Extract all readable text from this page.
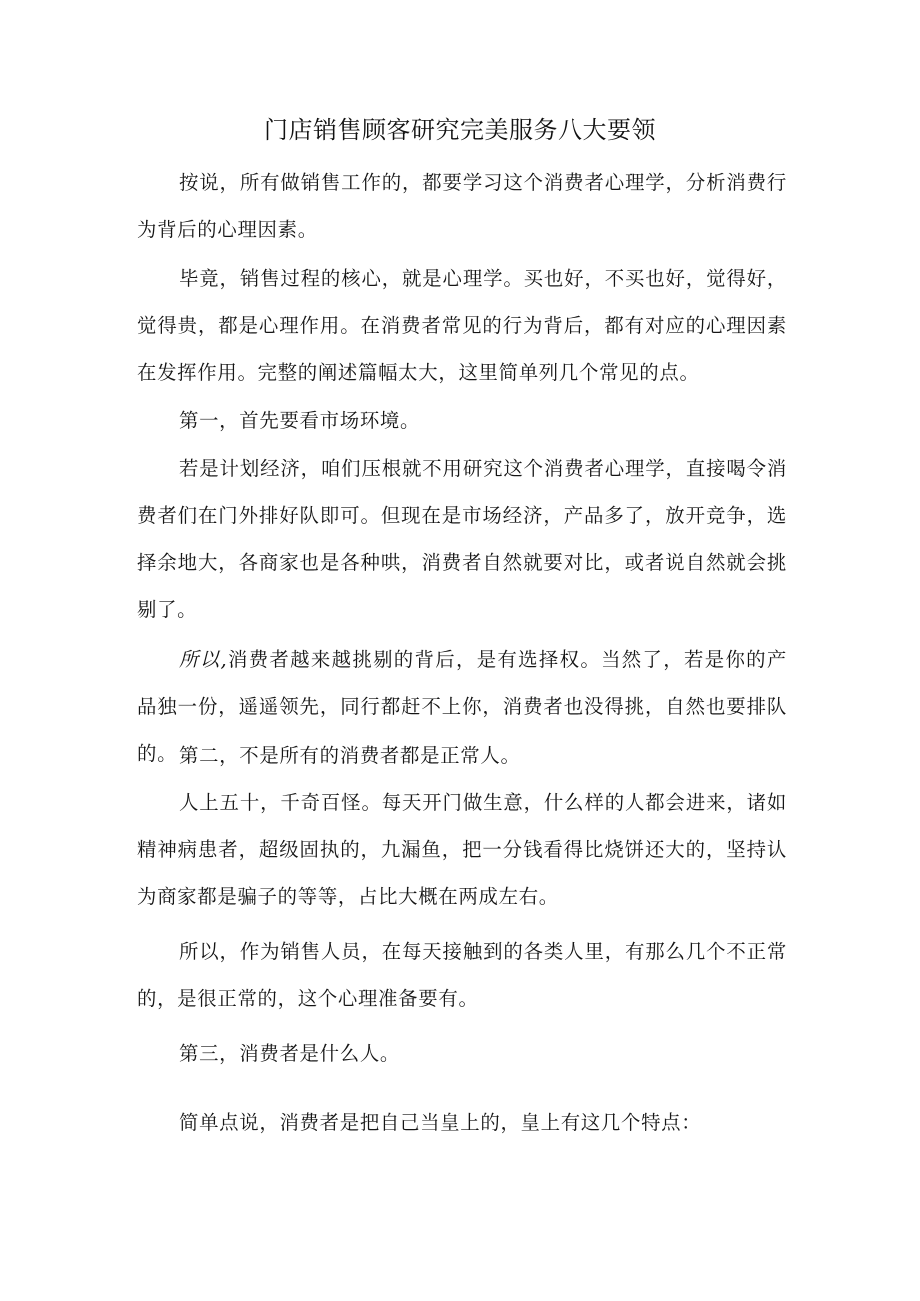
门店销售顾客研究完美服务八大要领

按说，所有做销售工作的，都要学习这个消费者心理学，分析消费行为背后的心理因素。

毕竟，销售过程的核心，就是心理学。买也好，不买也好，觉得好，觉得贵，都是心理作用。在消费者常见的行为背后，都有对应的心理因素在发挥作用。完整的阐述篇幅太大，这里简单列几个常见的点。

第一，首先要看市场环境。

若是计划经济，咱们压根就不用研究这个消费者心理学，直接喝令消费者们在门外排好队即可。但现在是市场经济，产品多了，放开竞争，选择余地大，各商家也是各种哄，消费者自然就要对比，或者说自然就会挑剔了。

所以,消费者越来越挑剔的背后，是有选择权。当然了，若是你的产品独一份，遥遥领先，同行都赶不上你，消费者也没得挑，自然也要排队的。 第二，不是所有的消费者都是正常人。

人上五十，千奇百怪。每天开门做生意，什么样的人都会进来，诸如精神病患者，超级固执的，九漏鱼，把一分钱看得比烧饼还大的，坚持认为商家都是骗子的等等，占比大概在两成左右。

所以，作为销售人员，在每天接触到的各类人里，有那么几个不正常的，是很正常的，这个心理准备要有。

第三，消费者是什么人。

简单点说，消费者是把自己当皇上的，皇上有这几个特点：
